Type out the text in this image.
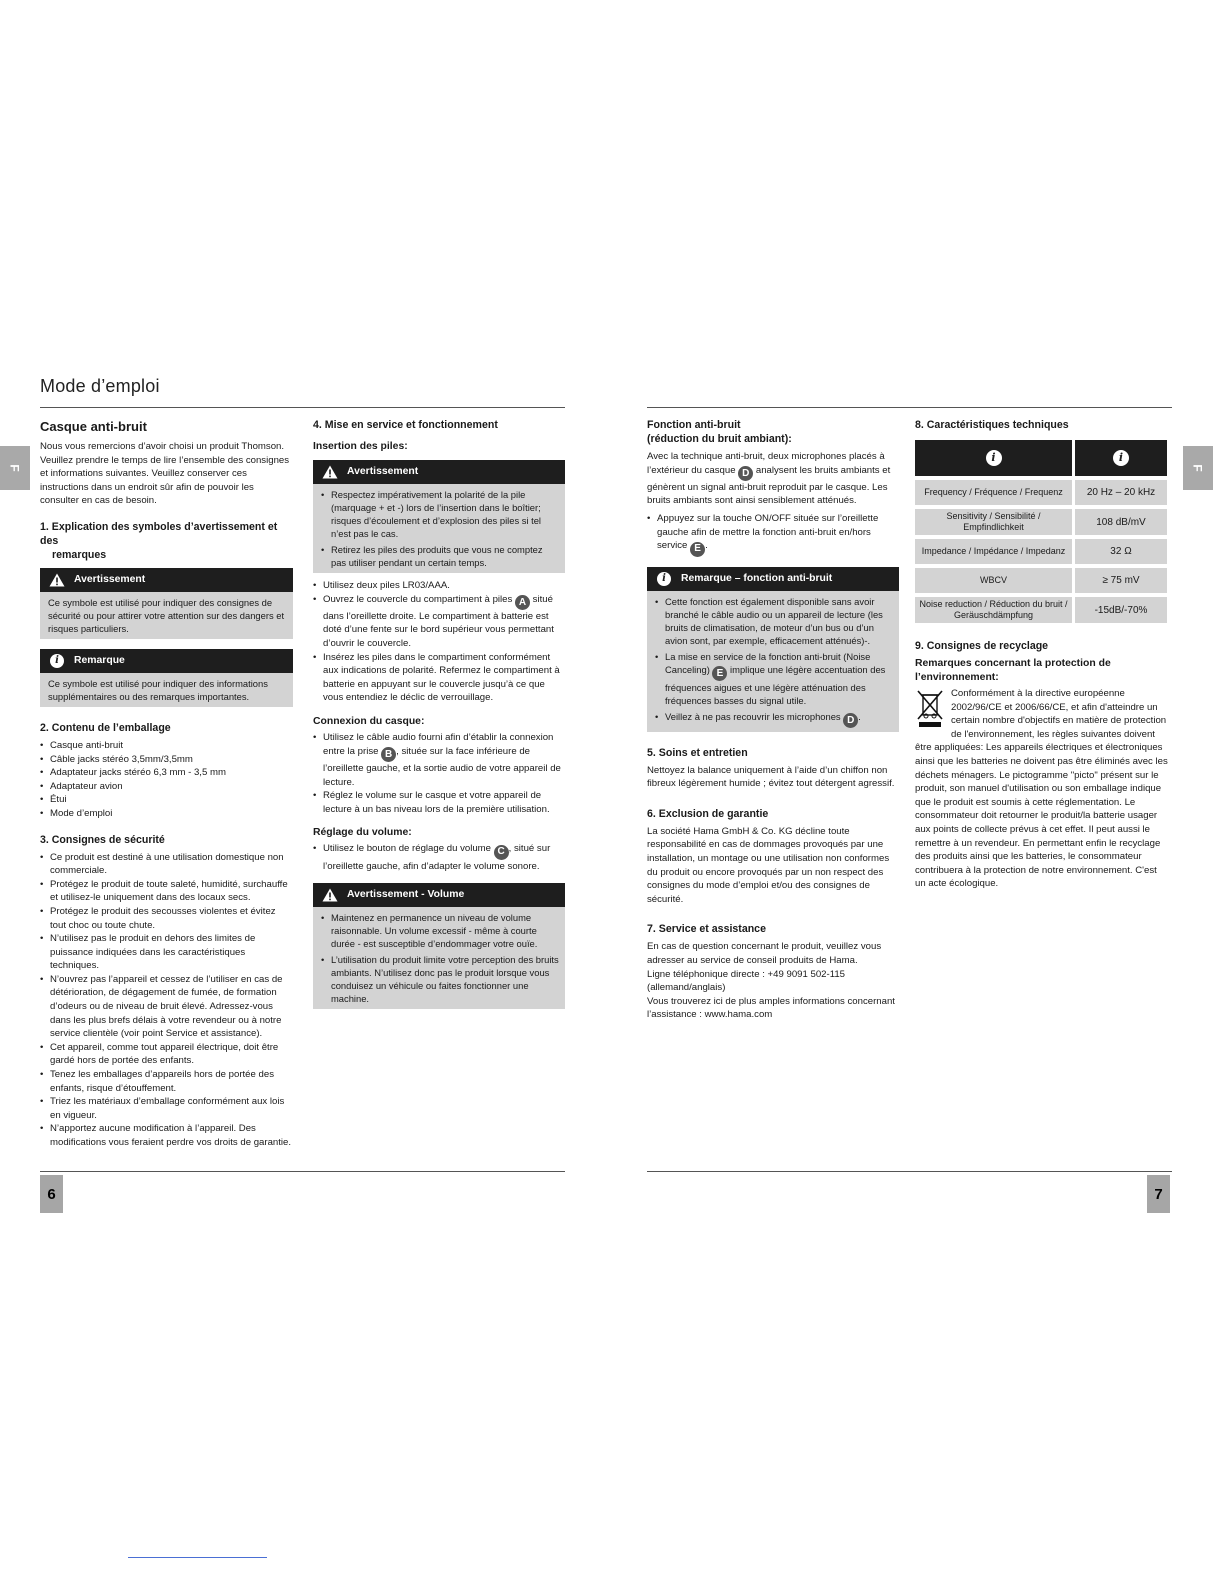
Mode d’emploi
F	F
Casque anti-bruit

Nous vous remercions d’avoir choisi un produit Thomson. Veuillez prendre le temps de lire l’ensemble des consignes et informations suivantes. Veuillez conserver ces instructions dans un endroit sûr afin de pouvoir les consulter en cas de besoin.

1. Explication des symboles d’avertissement et des
remarques
Avertissement
Ce symbole est utilisé pour indiquer des consignes de sécurité ou pour attirer votre attention sur des dangers et risques particuliers.
i	Remarque
Ce symbole est utilisé pour indiquer des informations supplémentaires ou des remarques importantes.
2. Contenu de l’emballage
• Casque anti-bruit
• Câble jacks stéréo 3,5mm/3,5mm
• Adaptateur jacks stéréo 6,3 mm - 3,5 mm
• Adaptateur avion
• Étui
• Mode d’emploi
3. Consignes de sécurité
• Ce produit est destiné à une utilisation domestique non commerciale.
• Protégez le produit de toute saleté, humidité, surchauffe et utilisez-le uniquement dans des locaux secs.
• Protégez le produit des secousses violentes et évitez tout choc ou toute chute.
• N’utilisez pas le produit en dehors des limites de puissance indiquées dans les caractéristiques techniques.
• N’ouvrez pas l’appareil et cessez de l’utiliser en cas de détérioration, de dégagement de fumée, de formation d’odeurs ou de niveau de bruit élevé. Adressez-vous dans les plus brefs délais à votre revendeur ou à notre service clientèle (voir point Service et assistance).
• Cet appareil, comme tout appareil électrique, doit être gardé hors de portée des enfants.
• Tenez les emballages d’appareils hors de portée des enfants, risque d’étouffement.
• Triez les matériaux d’emballage conformément aux lois en vigueur.
• N’apportez aucune modification à l’appareil. Des modifications vous feraient perdre vos droits de garantie.
4. Mise en service et fonctionnement
Insertion des piles:
Avertissement
• Respectez impérativement la polarité de la pile (marquage + et -) lors de l’insertion dans le boîtier; risques d’écoulement et d’explosion des piles si tel n’est pas le cas.
• Retirez les piles des produits que vous ne comptez pas utiliser pendant un certain temps.
• Utilisez deux piles LR03/AAA.
• Ouvrez le couvercle du compartiment à piles A situé dans l’oreillette droite. Le compartiment à batterie est doté d’une fente sur le bord supérieur vous permettant d’ouvrir le couvercle.
• Insérez les piles dans le compartiment conformément aux indications de polarité. Refermez le compartiment à batterie en appuyant sur le couvercle jusqu’à ce que vous entendiez le déclic de verrouillage.
Connexion du casque:
• Utilisez le câble audio fourni afin d’établir la connexion entre la prise B , située sur la face inférieure de l’oreillette gauche, et la sortie audio de votre appareil de lecture.
• Réglez le volume sur le casque et votre appareil de lecture à un bas niveau lors de la première utilisation.
Réglage du volume:
• Utilisez le bouton de réglage du volume C , situé sur l’oreillette gauche, afin d’adapter le volume sonore.
Avertissement - Volume
• Maintenez en permanence un niveau de volume raisonnable. Un volume excessif - même à courte durée - est susceptible d’endommager votre ouïe.
• L’utilisation du produit limite votre perception des bruits ambiants. N’utilisez donc pas le produit lorsque vous conduisez un véhicule ou faites fonctionner une machine.
Fonction anti-bruit
(réduction du bruit ambiant):

Avec la technique anti-bruit, deux microphones placés à l’extérieur du casque D analysent les bruits ambiants et génèrent un signal anti-bruit reproduit par le casque. Les bruits ambiants sont ainsi sensiblement atténués.

• Appuyez sur la touche ON/OFF située sur l’oreillette gauche afin de mettre la fonction anti-bruit en/hors service E .
i	Remarque – fonction anti-bruit
• Cette fonction est également disponible sans avoir branché le câble audio ou un appareil de lecture (les bruits de climatisation, de moteur d’un bus ou d’un avion sont, par exemple, efficacement atténués)-.
• La mise en service de la fonction anti-bruit (Noise Canceling) E implique une légère accentuation des fréquences aigues et une légère atténuation des fréquences basses du signal utile.
• Veillez à ne pas recouvrir les microphones D .
5. Soins et entretien

Nettoyez la balance uniquement à l’aide d’un chiffon non fibreux légèrement humide ; évitez tout détergent agressif.

6. Exclusion de garantie

La société Hama GmbH & Co. KG décline toute responsabilité en cas de dommages provoqués par une installation, un montage ou une utilisation non conformes du produit ou encore provoqués par un non respect des consignes du mode d’emploi et/ou des consignes de sécurité.

7. Service et assistance

En cas de question concernant le produit, veuillez vous adresser au service de conseil produits de Hama.

Ligne téléphonique directe : +49 9091 502-115

(allemand/anglais)

Vous trouverez ici de plus amples informations concernant l’assistance : www.hama.com

8. Caractéristiques techniques
i	i
Frequency / Fréquence / Frequenz	20 Hz – 20 kHz
Sensitivity / Sensibilité / Empfindlichkeit	108 dB/mV
Impedance / Impédance / Impedanz	32 Ω
WBCV	≥ 75 mV
Noise reduction / Réduction du bruit / Geräuschdämpfung	-15dB/-70%
9. Consignes de recyclage
Remarques concernant la protection de l’environnement:

Conformément à la directive européenne 2002/96/CE et 2006/66/CE, et afin d'atteindre un certain nombre d'objectifs en matière de protection de l'environnement, les règles suivantes doivent être appliquées: Les appareils électriques et électroniques ainsi que les batteries ne doivent pas être éliminés avec les déchets ménagers. Le pictogramme "picto" présent sur le produit, son manuel d'utilisation ou son emballage indique que le produit est soumis à cette réglementation. Le consommateur doit retourner le produit/la batterie usager aux points de collecte prévus à cet effet. Il peut aussi le remettre à un revendeur. En permettant enfin le recyclage des produits ainsi que les batteries, le consommateur contribuera à la protection de notre environnement. C'est un acte écologique.

6	7
